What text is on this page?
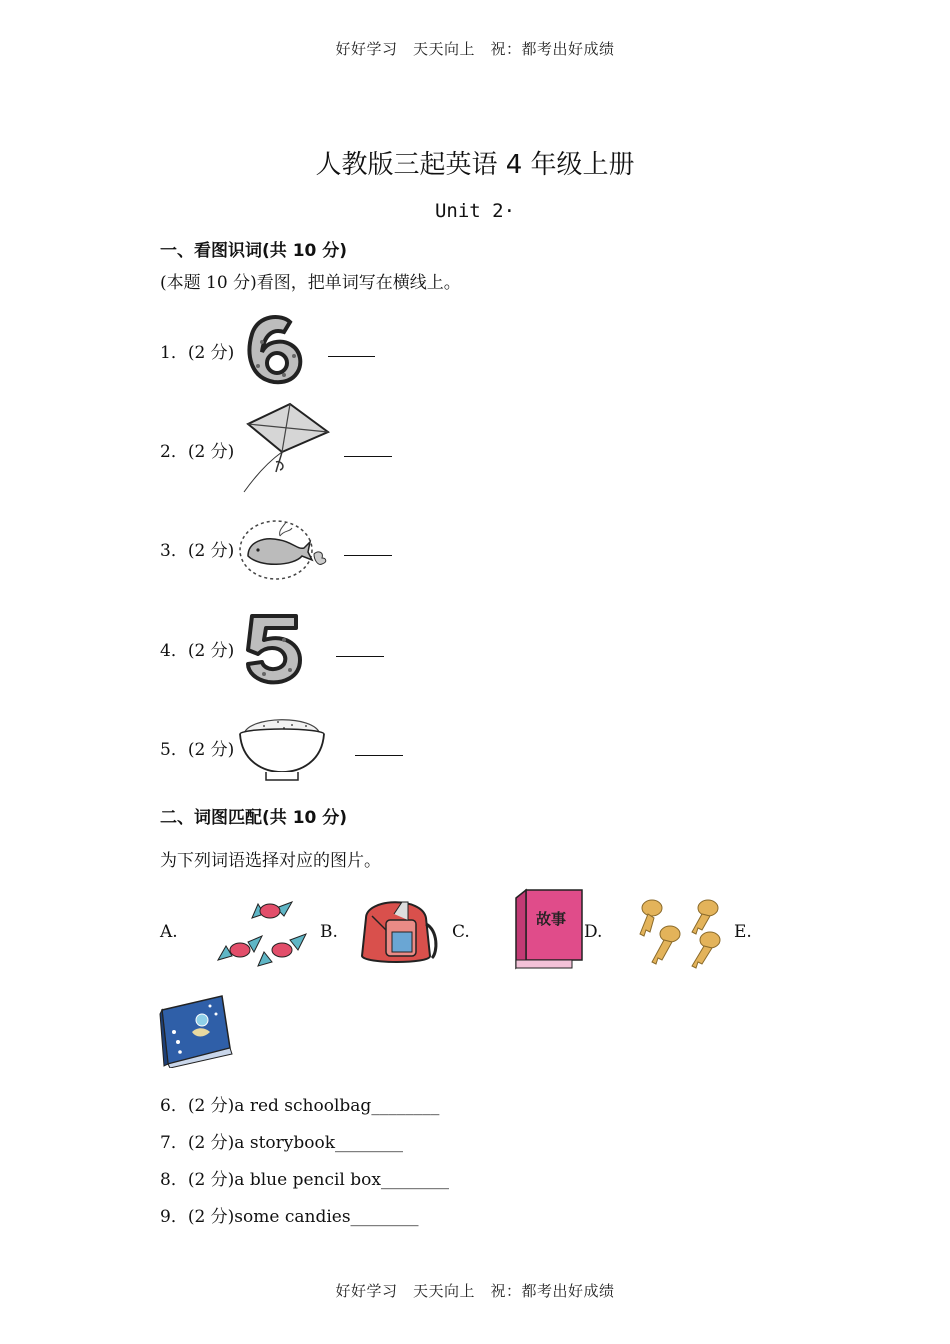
好好学习　天天向上　祝：都考出好成绩
人教版三起英语 4 年级上册
Unit 2·
一、看图识词(共 10 分)
(本题 10 分)看图，把单词写在横线上。
1．(2 分)
2．(2 分)
3．(2 分)
4．(2 分)
5．(2 分)
二、词图匹配(共 10 分)
为下列词语选择对应的图片。
A.	B.	C.
故事
D.	E.
6．(2 分)a red schoolbag________
7．(2 分)a storybook________
8．(2 分)a blue pencil box________
9．(2 分)some candies________
好好学习　天天向上　祝：都考出好成绩
